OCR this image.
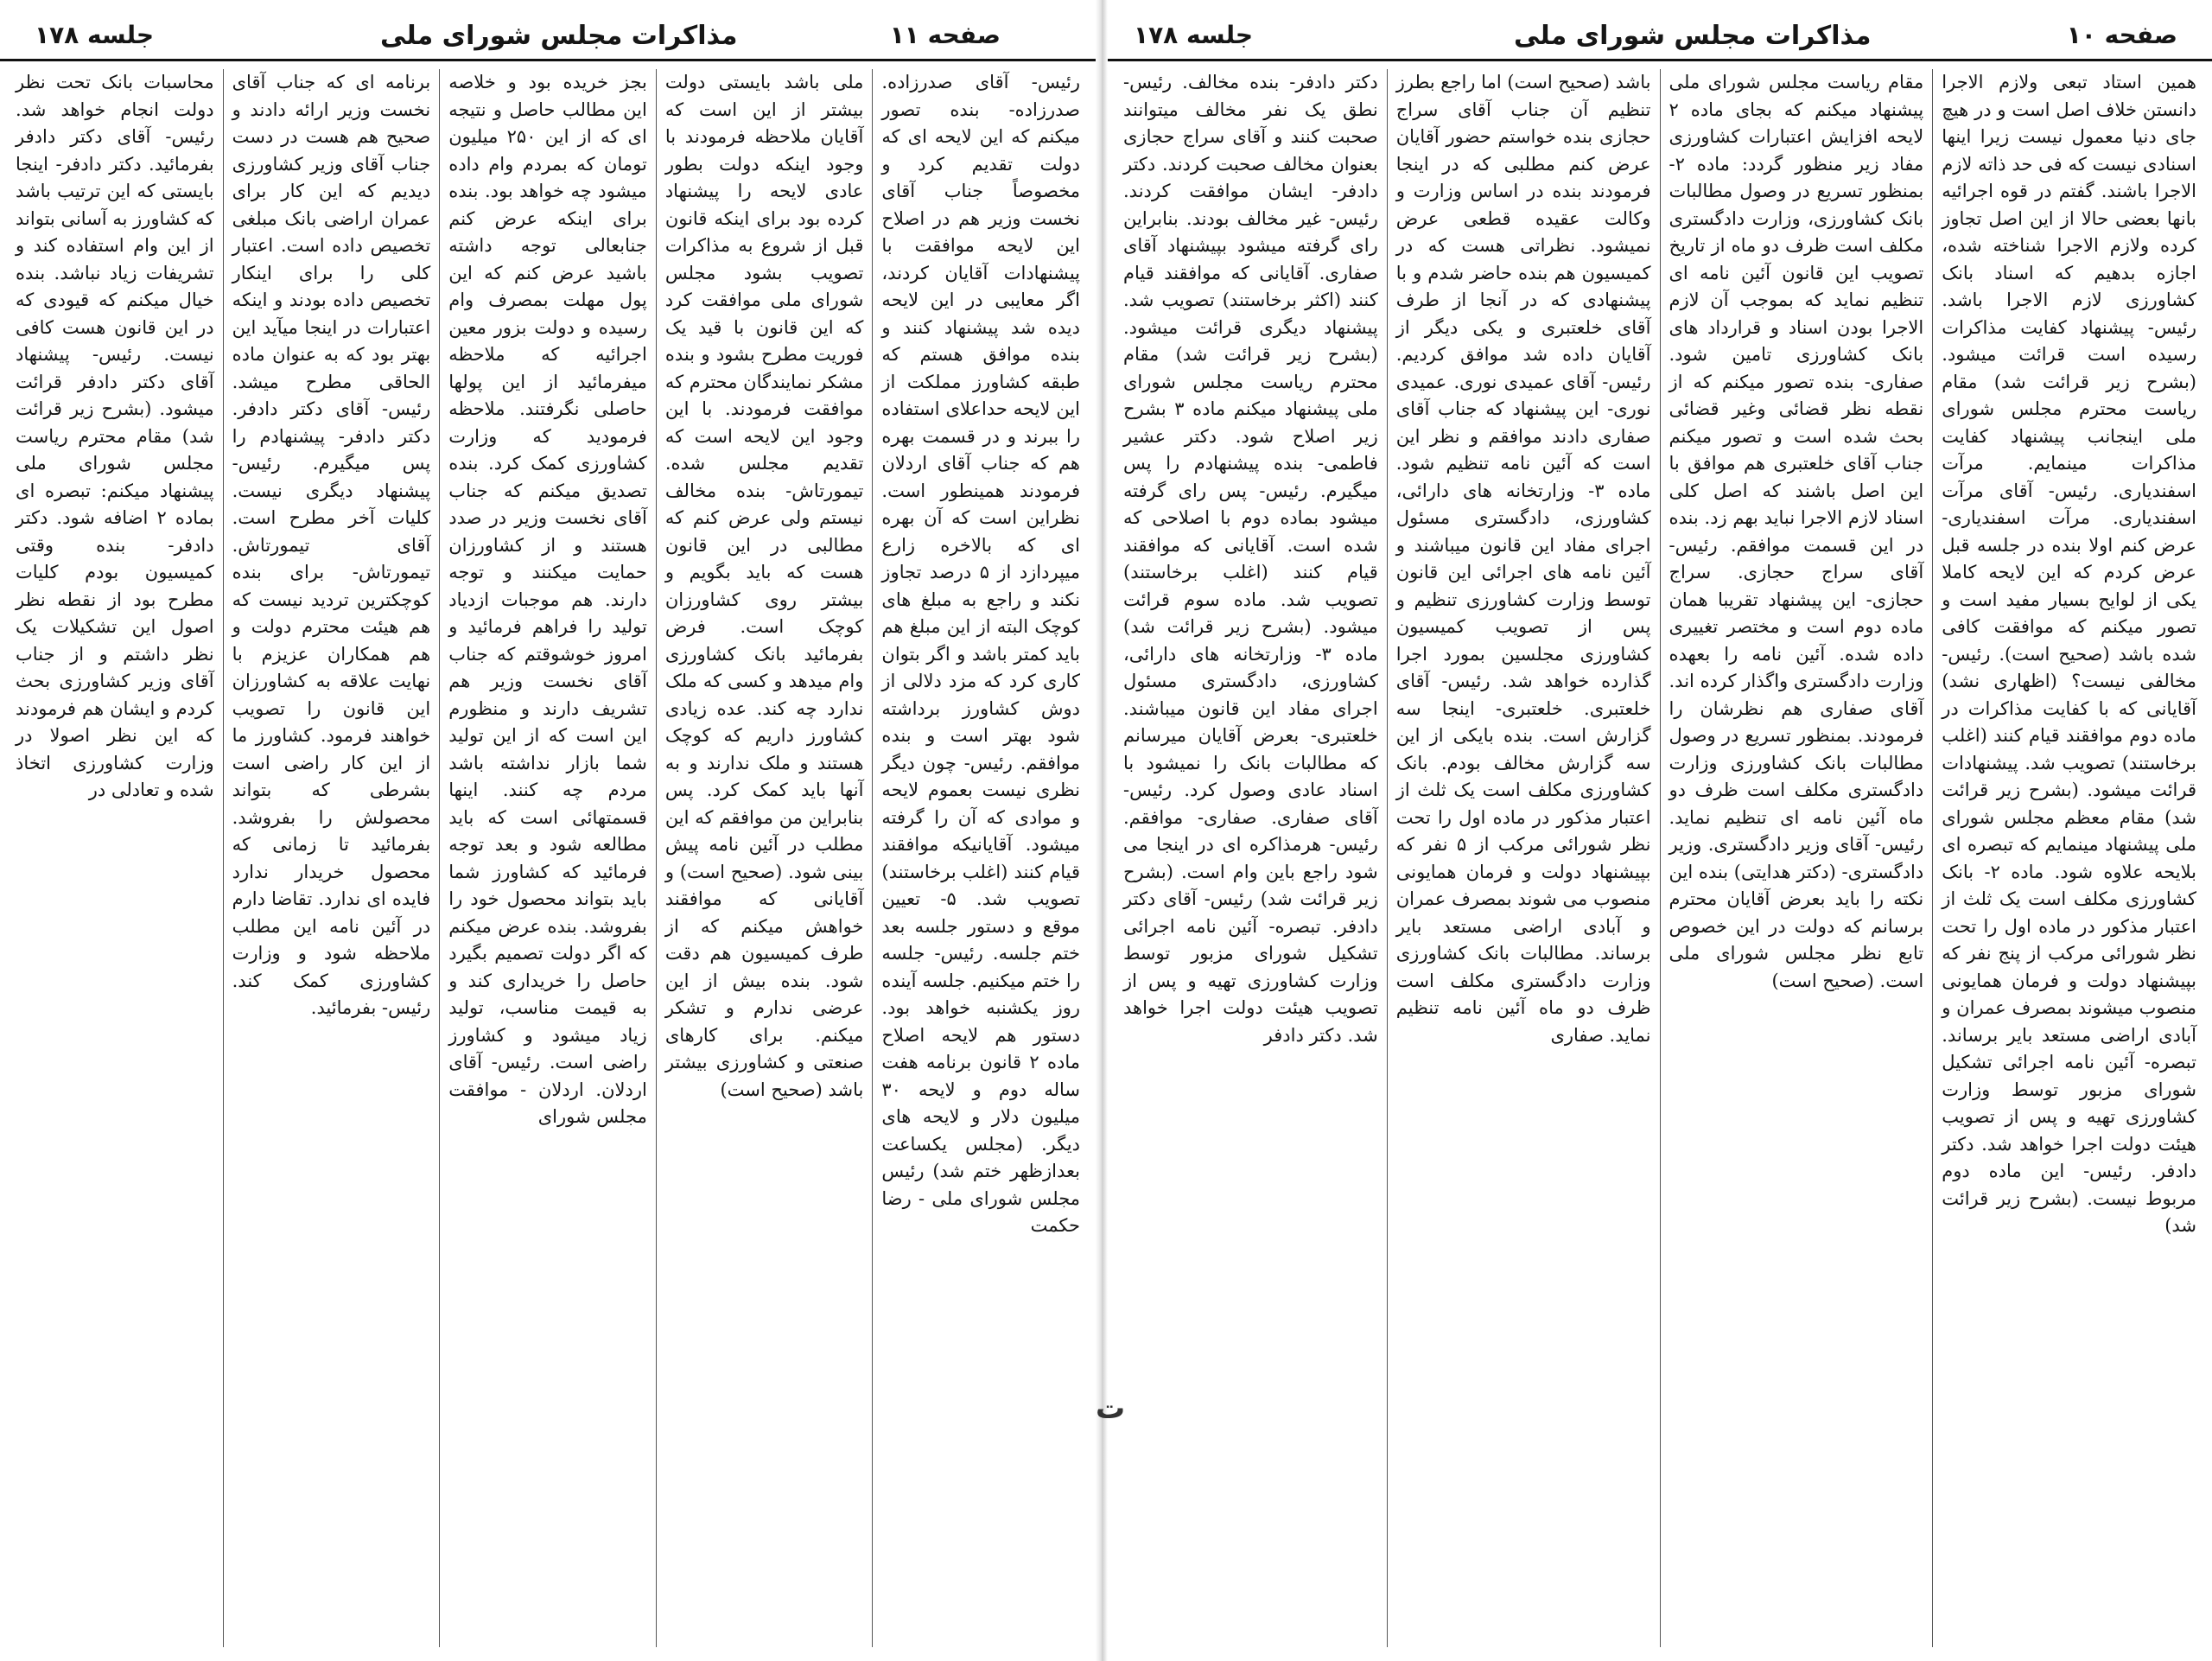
جلسه ۱۷۸	مذاکرات مجلس شورای ملی	صفحه ۱۱
رئیس- آقای صدرزاده. صدرزاده- بنده تصور میکنم که این لایحه ای که دولت تقدیم کرد و مخصوصاً جناب آقای نخست وزیر هم در اصلاح این لایحه موافقت با پیشنهادات آقایان کردند، اگر معایبی در این لایحه دیده شد پیشنهاد کنند و بنده موافق هستم که طبقه کشاورز مملکت از این لایحه حداعلای استفاده را ببرند و در قسمت بهره هم که جناب آقای اردلان فرمودند همینطور است. نظراین است که آن بهره ای که بالاخره زارع میپردازد از ۵ درصد تجاوز نکند و راجع به مبلغ های کوچک البته از این مبلغ هم باید کمتر باشد و اگر بتوان کاری کرد که مزد دلالی از دوش کشاورز برداشته شود بهتر است و بنده موافقم. رئیس- چون دیگر نظری نیست بعموم لایحه و موادی که آن را گرفته میشود. آقایانیکه موافقند قیام کنند (اغلب برخاستند) تصویب شد. ۵- تعیین موقع و دستور جلسه بعد ختم جلسه. رئیس- جلسه را ختم میکنیم. جلسه آینده روز یکشنبه خواهد بود. دستور هم لایحه اصلاح ماده ۲ قانون برنامه هفت ساله دوم و لایحه ۳۰ میلیون دلار و لایحه های دیگر. (مجلس یکساعت بعدازظهر ختم شد) رئیس مجلس شورای ملی - رضا حکمت
ملی باشد بایستی دولت بیشتر از این است که آقایان ملاحظه فرمودند با وجود اینکه دولت بطور عادی لایحه را پیشنهاد کرده بود برای اینکه قانون قبل از شروع به مذاکرات تصویب بشود مجلس شورای ملی موافقت کرد که این قانون با قید یک فوریت مطرح بشود و بنده مشکر نمایندگان محترم که موافقت فرمودند. با این وجود این لایحه است که تقدیم مجلس شده. تیمورتاش- بنده مخالف نیستم ولی عرض کنم که مطالبی در این قانون هست که باید بگویم و بیشتر روی کشاورزان کوچک است. فرض بفرمائید بانک کشاورزی وام میدهد و کسی که ملک ندارد چه کند. عده زیادی کشاورز داریم که کوچک هستند و ملک ندارند و به آنها باید کمک کرد. پس بنابراین من موافقم که این مطلب در آئین نامه پیش بینی شود. (صحیح است) و آقایانی که موافقند خواهش میکنم که از طرف کمیسیون هم دقت شود. بنده بیش از این عرضی ندارم و تشکر میکنم. برای کارهای صنعتی و کشاورزی بیشتر باشد (صحیح است)
بجز خریده بود و خلاصه این مطالب حاصل و نتیجه ای که از این ۲۵۰ میلیون تومان که بمردم وام داده میشود چه خواهد بود. بنده برای اینکه عرض کنم جنابعالی توجه داشته باشید عرض کنم که این پول مهلت بمصرف وام رسیده و دولت بزور معین اجرائیه که ملاحظه میفرمائید از این پولها حاصلی نگرفتند. ملاحظه فرمودید که وزارت کشاورزی کمک کرد. بنده تصدیق میکنم که جناب آقای نخست وزیر در صدد هستند و از کشاورزان حمایت میکنند و توجه دارند. هم موجبات ازدیاد تولید را فراهم فرمائید و امروز خوشوقتم که جناب آقای نخست وزیر هم تشریف دارند و منظورم این است که از این تولید شما بازار نداشته باشد مردم چه کنند. اینها قسمتهائی است که باید مطالعه شود و بعد توجه فرمائید که کشاورز شما باید بتواند محصول خود را بفروشد. بنده عرض میکنم که اگر دولت تصمیم بگیرد حاصل را خریداری کند و به قیمت مناسب، تولید زیاد میشود و کشاورز راضی است. رئیس- آقای اردلان. اردلان - موافقت مجلس شورای
برنامه ای که جناب آقای نخست وزیر ارائه دادند و صحیح هم هست در دست جناب آقای وزیر کشاورزی دیدیم که این کار برای عمران اراضی بانک مبلغی تخصیص داده است. اعتبار کلی را برای اینکار تخصیص داده بودند و اینکه اعتبارات در اینجا میآید این بهتر بود که به عنوان ماده الحاقی مطرح میشد. رئیس- آقای دکتر دادفر. دکتر دادفر- پیشنهادم را پس میگیرم. رئیس- پیشنهاد دیگری نیست. کلیات آخر مطرح است. آقای تیمورتاش. تیمورتاش- برای بنده کوچکترین تردید نیست که هم هیئت محترم دولت و هم همکاران عزیزم با نهایت علاقه به کشاورزان این قانون را تصویب خواهند فرمود. کشاورز ما از این کار راضی است بشرطی که بتواند محصولش را بفروشد. بفرمائید تا زمانی که محصول خریدار ندارد فایده ای ندارد. تقاضا دارم در آئین نامه این مطلب ملاحظه شود و وزارت کشاورزی کمک کند. رئیس- بفرمائید.
محاسبات بانک تحت نظر دولت انجام خواهد شد. رئیس- آقای دکتر دادفر بفرمائید. دکتر دادفر- اینجا بایستی که این ترتیب باشد که کشاورز به آسانی بتواند از این وام استفاده کند و تشریفات زیاد نباشد. بنده خیال میکنم که قیودی که در این قانون هست کافی نیست. رئیس- پیشنهاد آقای دکتر دادفر قرائت میشود. (بشرح زیر قرائت شد) مقام محترم ریاست مجلس شورای ملی پیشنهاد میکنم: تبصره ای بماده ۲ اضافه شود. دکتر دادفر- بنده وقتی کمیسیون بودم کلیات مطرح بود از نقطه نظر اصول این تشکیلات یک نظر داشتم و از جناب آقای وزیر کشاورزی بحث کردم و ایشان هم فرمودند که این نظر اصولا در وزارت کشاورزی اتخاذ شده و تعادلی در
ت
جلسه ۱۷۸	مذاکرات مجلس شورای ملی	صفحه ۱۰
همین استاد تبعی ولازم الاجرا دانستن خلاف اصل است و در هیچ جای دنیا معمول نیست زیرا اینها اسنادی نیست که فی حد ذاته لازم الاجرا باشند. گفتم در قوه اجرائیه بانها بعضی حالا از این اصل تجاوز کرده ولازم الاجرا شناخته شده، اجازه بدهیم که اسناد بانک کشاورزی لازم الاجرا باشد. رئیس- پیشنهاد کفایت مذاکرات رسیده است قرائت میشود. (بشرح زیر قرائت شد) مقام ریاست محترم مجلس شورای ملی اینجانب پیشنهاد کفایت مذاکرات مینمایم. مرآت اسفندیاری. رئیس- آقای مرآت اسفندیاری. مرآت اسفندیاری- عرض کنم اولا بنده در جلسه قبل عرض کردم که این لایحه کاملا یکی از لوایح بسیار مفید است و تصور میکنم که موافقت کافی شده باشد (صحیح است). رئیس- مخالفی نیست؟ (اظهاری نشد) آقایانی که با کفایت مذاکرات در ماده دوم موافقند قیام کنند (اغلب برخاستند) تصویب شد. پیشنهادات قرائت میشود. (بشرح زیر قرائت شد) مقام معظم مجلس شورای ملی پیشنهاد مینمایم که تبصره ای بلایحه علاوه شود. ماده ۲- بانک کشاورزی مکلف است یک ثلث از اعتبار مذکور در ماده اول را تحت نظر شورائی مرکب از پنج نفر که بپیشنهاد دولت و فرمان همایونی منصوب میشوند بمصرف عمران و آبادی اراضی مستعد بایر برساند. تبصره- آئین نامه اجرائی تشکیل شورای مزبور توسط وزارت کشاورزی تهیه و پس از تصویب هیئت دولت اجرا خواهد شد. دکتر دادفر. رئیس- این ماده دوم مربوط نیست. (بشرح زیر قرائت شد)
مقام ریاست مجلس شورای ملی پیشنهاد میکنم که بجای ماده ۲ لایحه افزایش اعتبارات کشاورزی مفاد زیر منظور گردد: ماده ۲- بمنظور تسریع در وصول مطالبات بانک کشاورزی، وزارت دادگستری مکلف است ظرف دو ماه از تاریخ تصویب این قانون آئین نامه ای تنظیم نماید که بموجب آن لازم الاجرا بودن اسناد و قرارداد های بانک کشاورزی تامین شود. صفاری- بنده تصور میکنم که از نقطه نظر قضائی وغیر قضائی بحث شده است و تصور میکنم جناب آقای خلعتبری هم موافق با این اصل باشند که اصل کلی اسناد لازم الاجرا نباید بهم زد. بنده در این قسمت موافقم. رئیس- آقای سراج حجازی. سراج حجازی- این پیشنهاد تقریبا همان ماده دوم است و مختصر تغییری داده شده. آئین نامه را بعهده وزارت دادگستری واگذار کرده اند. آقای صفاری هم نظرشان را فرمودند. بمنظور تسریع در وصول مطالبات بانک کشاورزی وزارت دادگستری مکلف است ظرف دو ماه آئین نامه ای تنظیم نماید. رئیس- آقای وزیر دادگستری. وزیر دادگستری- (دکتر هدایتی) بنده این نکته را باید بعرض آقایان محترم برسانم که دولت در این خصوص تابع نظر مجلس شورای ملی است. (صحیح است)
باشد (صحیح است) اما راجع بطرز تنظیم آن جناب آقای سراج حجازی بنده خواستم حضور آقایان عرض کنم مطلبی که در اینجا فرمودند بنده در اساس وزارت و وکالت عقیده قطعی عرض نمیشود. نظراتی هست که در کمیسیون هم بنده حاضر شدم و با پیشنهادی که در آنجا از طرف آقای خلعتبری و یکی دیگر از آقایان داده شد موافق کردیم. رئیس- آقای عمیدی نوری. عمیدی نوری- این پیشنهاد که جناب آقای صفاری دادند موافقم و نظر این است که آئین نامه تنظیم شود. ماده ۳- وزارتخانه های دارائی، کشاورزی، دادگستری مسئول اجرای مفاد این قانون میباشند و آئین نامه های اجرائی این قانون توسط وزارت کشاورزی تنظیم و پس از تصویب کمیسیون کشاورزی مجلسین بمورد اجرا گذارده خواهد شد. رئیس- آقای خلعتبری. خلعتبری- اینجا سه گزارش است. بنده بایکی از این سه گزارش مخالف بودم. بانک کشاورزی مکلف است یک ثلث از اعتبار مذکور در ماده اول را تحت نظر شورائی مرکب از ۵ نفر که بپیشنهاد دولت و فرمان همایونی منصوب می شوند بمصرف عمران و آبادی اراضی مستعد بایر برساند. مطالبات بانک کشاورزی وزارت دادگستری مکلف است ظرف دو ماه آئین نامه تنظیم نماید. صفاری
دکتر دادفر- بنده مخالف. رئیس- نطق یک نفر مخالف میتوانند صحبت کنند و آقای سراج حجازی بعنوان مخالف صحبت کردند. دکتر دادفر- ایشان موافقت کردند. رئیس- غیر مخالف بودند. بنابراین رای گرفته میشود بپیشنهاد آقای صفاری. آقایانی که موافقند قیام کنند (اکثر برخاستند) تصویب شد. پیشنهاد دیگری قرائت میشود. (بشرح زیر قرائت شد) مقام محترم ریاست مجلس شورای ملی پیشنهاد میکنم ماده ۳ بشرح زیر اصلاح شود. دکتر عشیر فاطمی- بنده پیشنهادم را پس میگیرم. رئیس- پس رای گرفته میشود بماده دوم با اصلاحی که شده است. آقایانی که موافقند قیام کنند (اغلب برخاستند) تصویب شد. ماده سوم قرائت میشود. (بشرح زیر قرائت شد) ماده ۳- وزارتخانه های دارائی، کشاورزی، دادگستری مسئول اجرای مفاد این قانون میباشند. خلعتبری- بعرض آقایان میرسانم که مطالبات بانک را نمیشود با اسناد عادی وصول کرد. رئیس- آقای صفاری. صفاری- موافقم. رئیس- هرمذاکره ای در اینجا می شود راجع باین وام است. (بشرح زیر قرائت شد) رئیس- آقای دکتر دادفر. تبصره- آئین نامه اجرائی تشکیل شورای مزبور توسط وزارت کشاورزی تهیه و پس از تصویب هیئت دولت اجرا خواهد شد. دکتر دادفر
